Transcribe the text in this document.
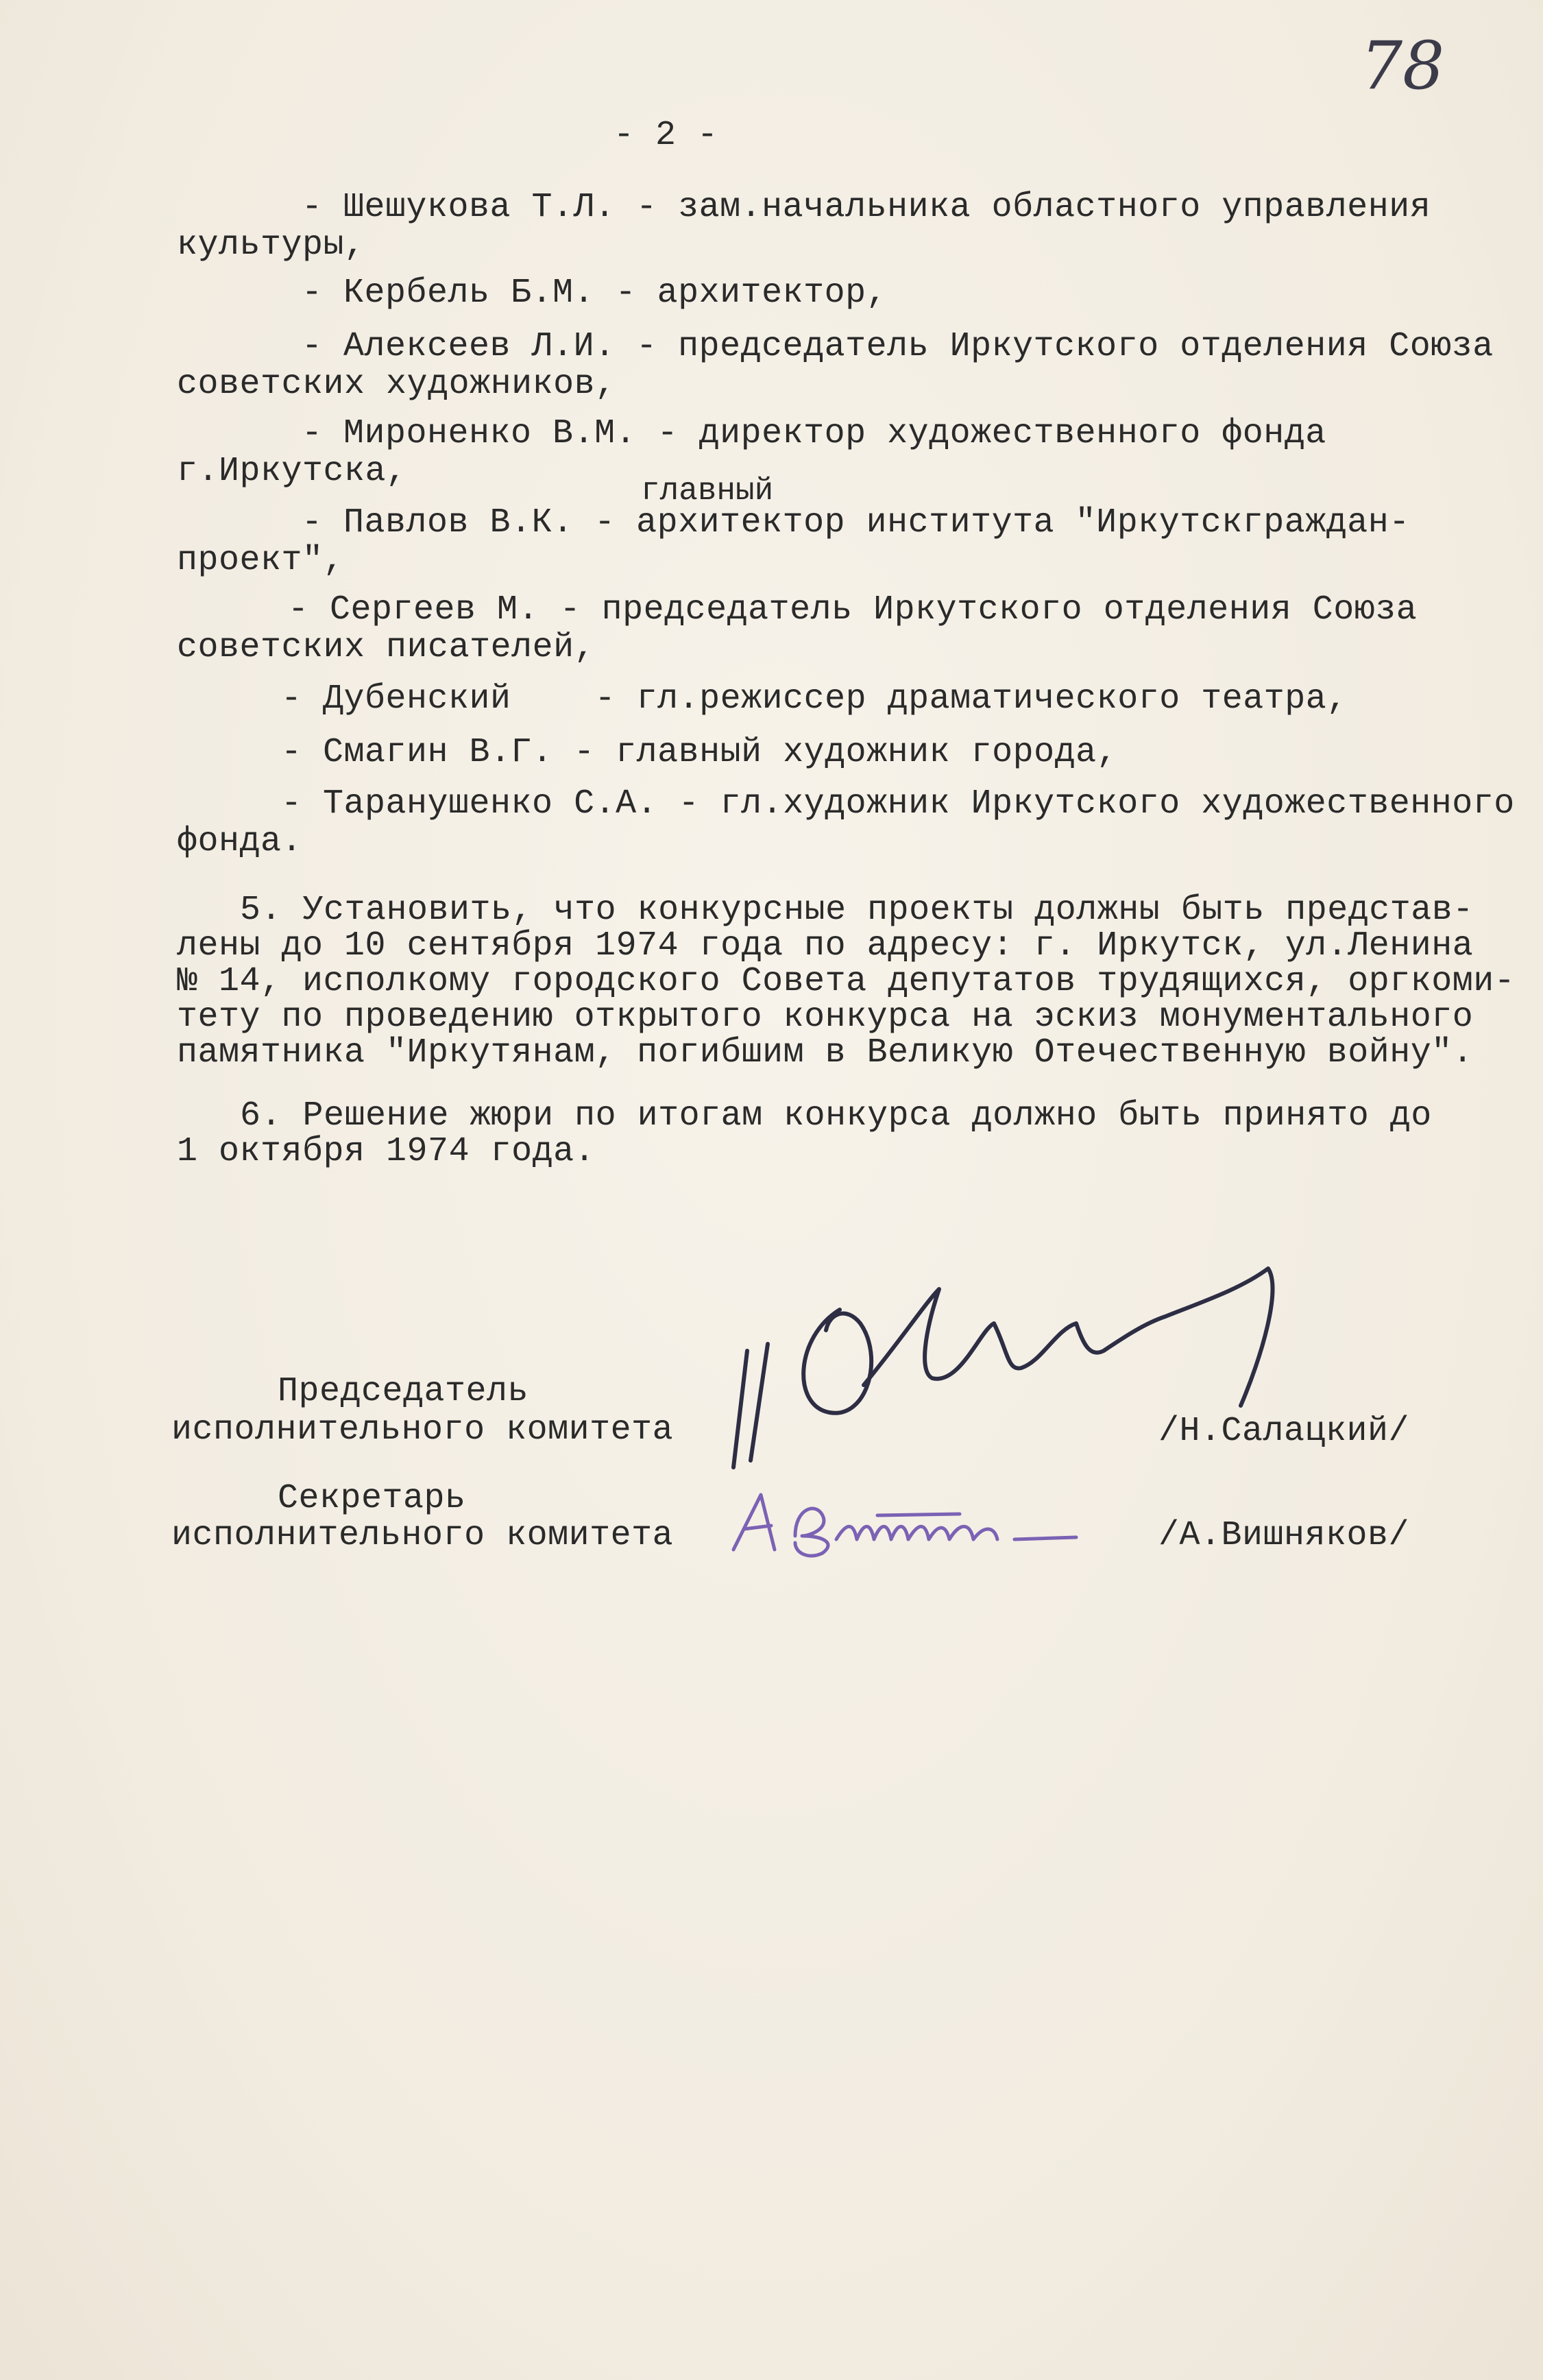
78
- 2 -
- Шешукова Т.Л. - зам.начальника областного управления
культуры,
- Кербель Б.М. - архитектор,
- Алексеев Л.И. - председатель Иркутского отделения Союза
советских художников,
- Мироненко В.М. - директор художественного фонда
г.Иркутска,	главный
- Павлов В.К. - архитектор института "Иркутскграждан-
проект",
- Сергеев М. - председатель Иркутского отделения Союза
советских писателей,
- Дубенский    - гл.режиссер драматического театра,
- Смагин В.Г. - главный художник города,
- Таранушенко С.А. - гл.художник Иркутского художественного
фонда.
5. Установить, что конкурсные проекты должны быть представ-
лены до 10 сентября 1974 года по адресу: г. Иркутск, ул.Ленина
№ 14, исполкому городского Совета депутатов трудящихся, оргкоми-
тету по проведению открытого конкурса на эскиз монументального
памятника "Иркутянам, погибшим в Великую Отечественную войну".
6. Решение жюри по итогам конкурса должно быть принято до
1 октября 1974 года.
Председатель
исполнительного комитета	/Н.Салацкий/
Секретарь
исполнительного комитета	/А.Вишняков/
